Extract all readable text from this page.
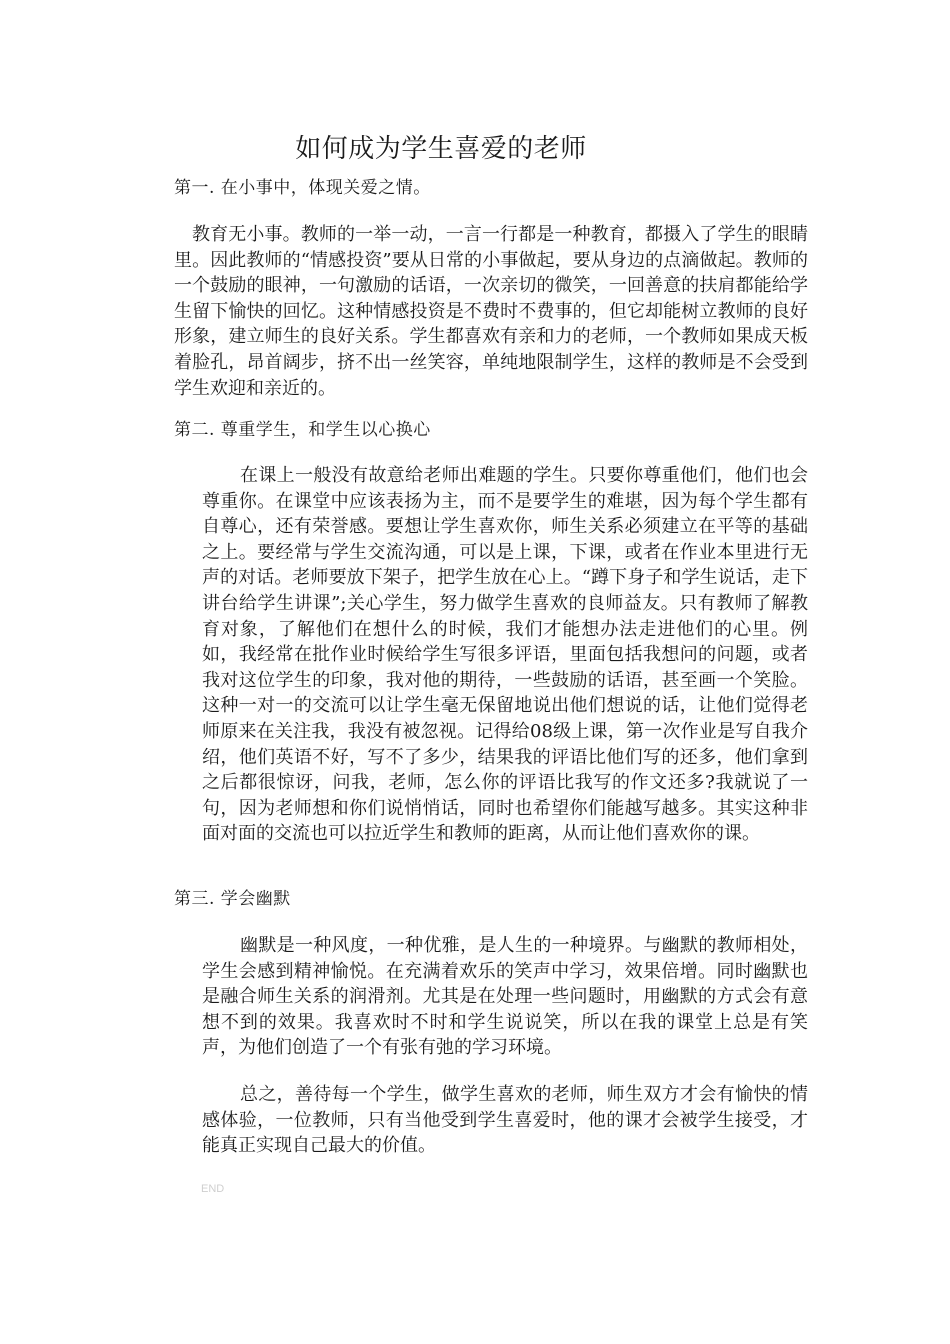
如何成为学生喜爱的老师
第一. 在小事中，体现关爱之情。

教育无小事。教师的一举一动，一言一行都是一种教育，都摄入了学生的眼睛里。因此教师的“情感投资”要从日常的小事做起，要从身边的点滴做起。教师的一个鼓励的眼神，一句激励的话语，一次亲切的微笑，一回善意的扶肩都能给学生留下愉快的回忆。这种情感投资是不费时不费事的，但它却能树立教师的良好形象，建立师生的良好关系。学生都喜欢有亲和力的老师，一个教师如果成天板着脸孔，昂首阔步，挤不出一丝笑容，单纯地限制学生，这样的教师是不会受到学生欢迎和亲近的。

第二. 尊重学生，和学生以心换心

在课上一般没有故意给老师出难题的学生。只要你尊重他们，他们也会尊重你。在课堂中应该表扬为主，而不是要学生的难堪，因为每个学生都有自尊心，还有荣誉感。要想让学生喜欢你，师生关系必须建立在平等的基础之上。要经常与学生交流沟通，可以是上课，下课，或者在作业本里进行无声的对话。老师要放下架子，把学生放在心上。“蹲下身子和学生说话，走下讲台给学生讲课”;关心学生，努力做学生喜欢的良师益友。只有教师了解教育对象，了解他们在想什么的时候，我们才能想办法走进他们的心里。例如，我经常在批作业时候给学生写很多评语，里面包括我想问的问题，或者我对这位学生的印象，我对他的期待，一些鼓励的话语，甚至画一个笑脸。这种一对一的交流可以让学生毫无保留地说出他们想说的话，让他们觉得老师原来在关注我，我没有被忽视。记得给08级上课，第一次作业是写自我介绍，他们英语不好，写不了多少，结果我的评语比他们写的还多，他们拿到之后都很惊讶，问我，老师，怎么你的评语比我写的作文还多?我就说了一句，因为老师想和你们说悄悄话，同时也希望你们能越写越多。其实这种非面对面的交流也可以拉近学生和教师的距离，从而让他们喜欢你的课。

第三. 学会幽默

幽默是一种风度，一种优雅，是人生的一种境界。与幽默的教师相处，学生会感到精神愉悦。在充满着欢乐的笑声中学习，效果倍增。同时幽默也是融合师生关系的润滑剂。尤其是在处理一些问题时，用幽默的方式会有意想不到的效果。我喜欢时不时和学生说说笑，所以在我的课堂上总是有笑声，为他们创造了一个有张有弛的学习环境。

总之，善待每一个学生，做学生喜欢的老师，师生双方才会有愉快的情感体验，一位教师，只有当他受到学生喜爱时，他的课才会被学生接受，才能真正实现自己最大的价值。

END
